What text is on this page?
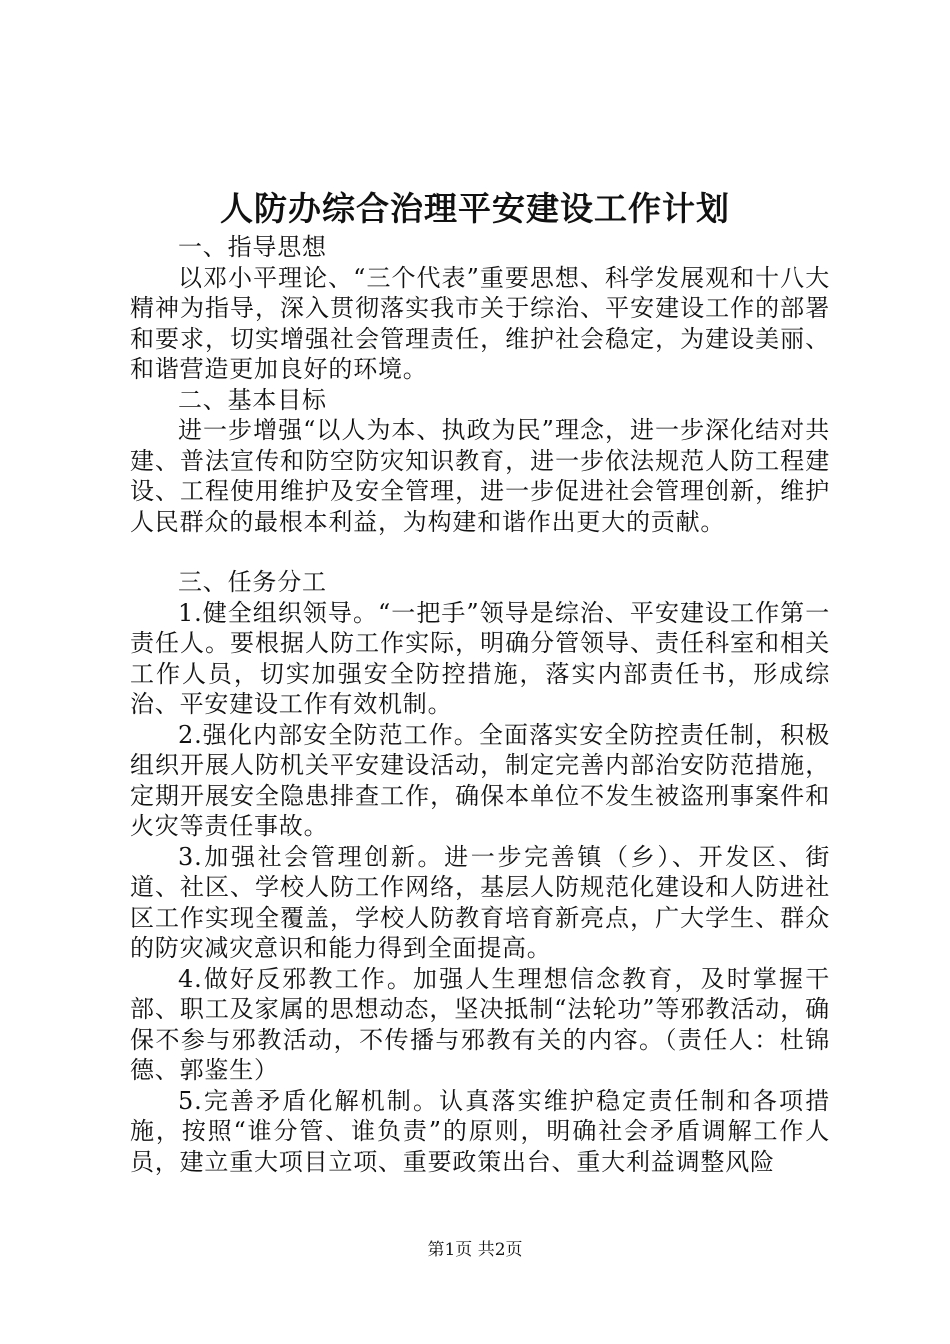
人防办综合治理平安建设工作计划

一、指导思想

以邓小平理论、“三个代表”重要思想、科学发展观和十八大精神为指导，深入贯彻落实我市关于综治、平安建设工作的部署和要求，切实增强社会管理责任，维护社会稳定，为建设美丽、和谐营造更加良好的环境。

二、基本目标

进一步增强“以人为本、执政为民”理念，进一步深化结对共建、普法宣传和防空防灾知识教育，进一步依法规范人防工程建设、工程使用维护及安全管理，进一步促进社会管理创新，维护人民群众的最根本利益，为构建和谐作出更大的贡献。

三、任务分工

1.健全组织领导。“一把手”领导是综治、平安建设工作第一责任人。要根据人防工作实际，明确分管领导、责任科室和相关工作人员，切实加强安全防控措施，落实内部责任书，形成综治、平安建设工作有效机制。

2.强化内部安全防范工作。全面落实安全防控责任制，积极组织开展人防机关平安建设活动，制定完善内部治安防范措施，定期开展安全隐患排查工作，确保本单位不发生被盗刑事案件和火灾等责任事故。

3.加强社会管理创新。进一步完善镇（乡）、开发区、街道、社区、学校人防工作网络，基层人防规范化建设和人防进社区工作实现全覆盖，学校人防教育培育新亮点，广大学生、群众的防灾减灾意识和能力得到全面提高。

4.做好反邪教工作。加强人生理想信念教育，及时掌握干部、职工及家属的思想动态，坚决抵制“法轮功”等邪教活动，确保不参与邪教活动，不传播与邪教有关的内容。（责任人：杜锦德、郭鉴生）

5.完善矛盾化解机制。认真落实维护稳定责任制和各项措施，按照“谁分管、谁负责”的原则，明确社会矛盾调解工作人员，建立重大项目立项、重要政策出台、重大利益调整风险

第1页 共2页
